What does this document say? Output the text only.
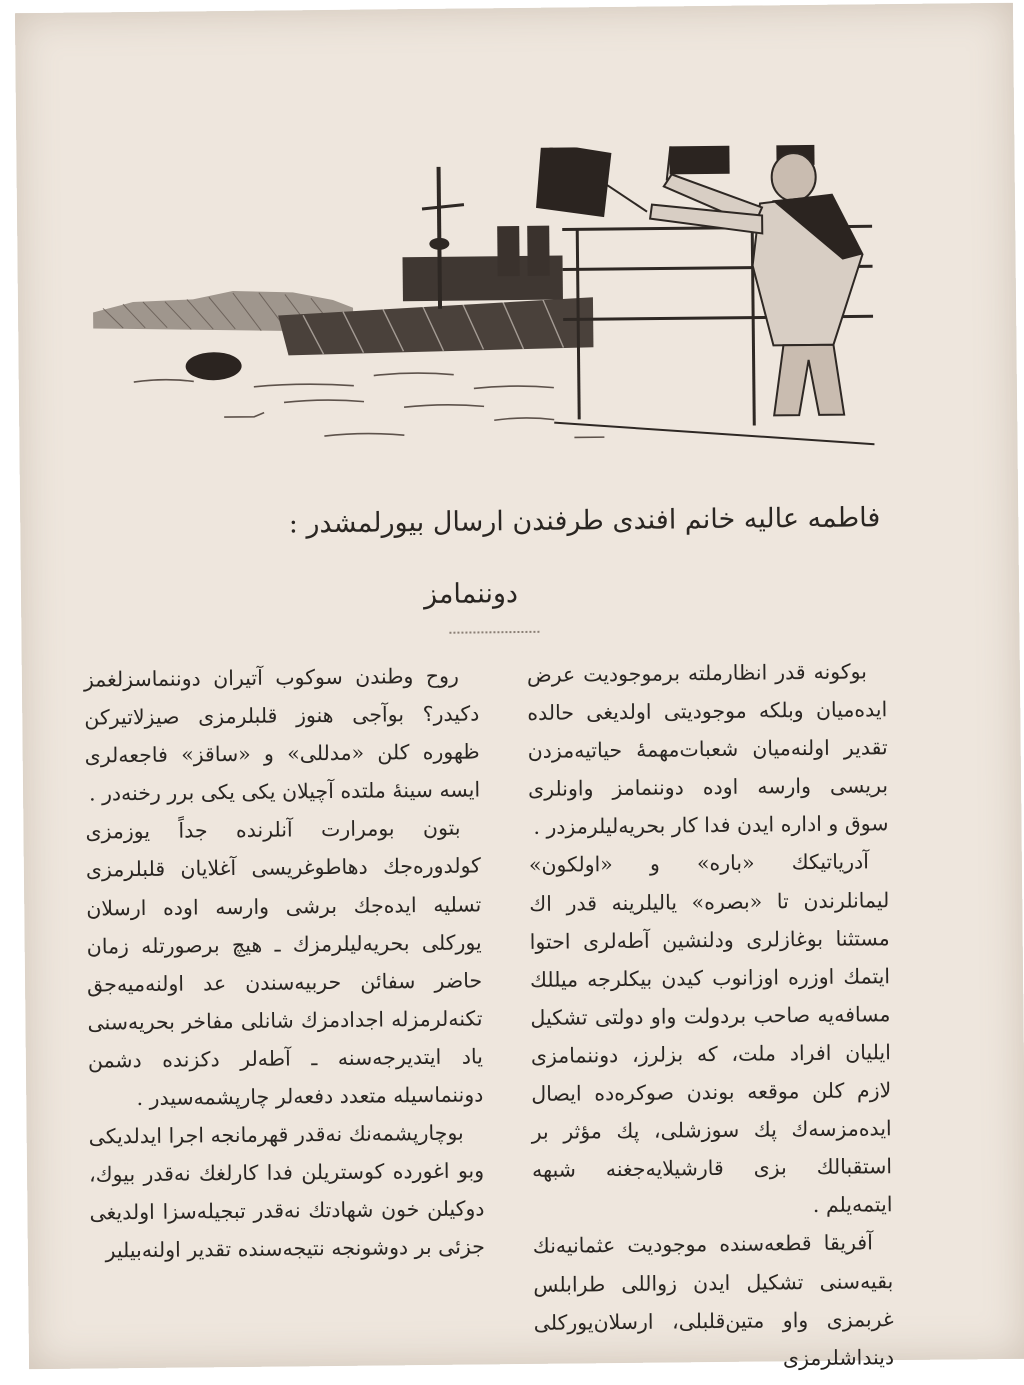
فاطمه عاليه خانم افندى طرفندن ارسال بيورلمشدر :
دوننمامز

بوكونه قدر انظارملته برموجوديت عرض ايده‌ميان وبلكه موجوديتى اولديغى حالده تقدير اولنه‌ميان شعبات‌مهمهٔ حياتيه‌مزدن بريسى وارسه اوده دوننمامز واونلرى سوق و اداره ايدن فدا كار بحريه‌ليلرمزدر .

آدرياتيكك «باره» و «اولكون» ليمانلرندن تا «بصره» ياليلرينه قدر اك مستثنا بوغازلرى ودلنشين آطه‌لرى احتوا ايتمك اوزره اوزانوب كيدن بيكلرجه ميللك مسافه‌يه صاحب بردولت واو دولتى تشكيل ايليان افراد ملت، كه بزلرز، دوننمامزى لازم كلن موقعه بوندن صوكره‌ده ايصال ايده‌مزسه‌ك پك سوزشلى، پك مؤثر بر استقبالك بزى قارشيلايه‌جغنه شبهه ايتمه‌يلم .

آفريقا قطعه‌سنده موجوديت عثمانيه‌نك بقيه‌سنى تشكيل ايدن زواللى طرابلس غربمزى واو متين‌قلبلى، ارسلان‌يوركلى ديندا‌شلرمزى

روح وطندن سوكوب آتيران دوننماسزلغمز دكيدر؟ بوآجى هنوز قلبلرمزى صيزلاتيركن ظهوره كلن «مدللى» و «ساقز» فاجعه‌لرى ايسه سينهٔ ملتده آچيلان يكى يكى برر رخنه‌در .

بتون بومرارت آنلرنده جداً يوزمزى كولدوره‌جك دهاطوغريسى آغلايان قلبلرمزى تسليه ايده‌جك برشى وارسه اوده ارسلان يوركلى بحريه‌ليلرمزك ـ هيچ برصورتله زمان حاضر سفائن حربيه‌سندن عد اولنه‌ميه‌جق تكنه‌لرمزله اجدادمزك شانلى مفاخر بحريه‌سنى ياد ايتديرجه‌سنه ـ آطه‌لر دكزنده دشمن دوننماسيله متعدد دفعه‌لر چارپشمه‌سيدر .

بوچارپشمه‌نك نه‌قدر قهرمانجه اجرا ايدلديكى وبو اغورده كوستريلن فدا كارلغك نه‌قدر بيوك، دوكيلن خون شهادتك نه‌قدر تبجيله‌سزا اولديغى جزئى بر دوشونجه نتيجه‌سنده تقدير اولنه‌بيلير
